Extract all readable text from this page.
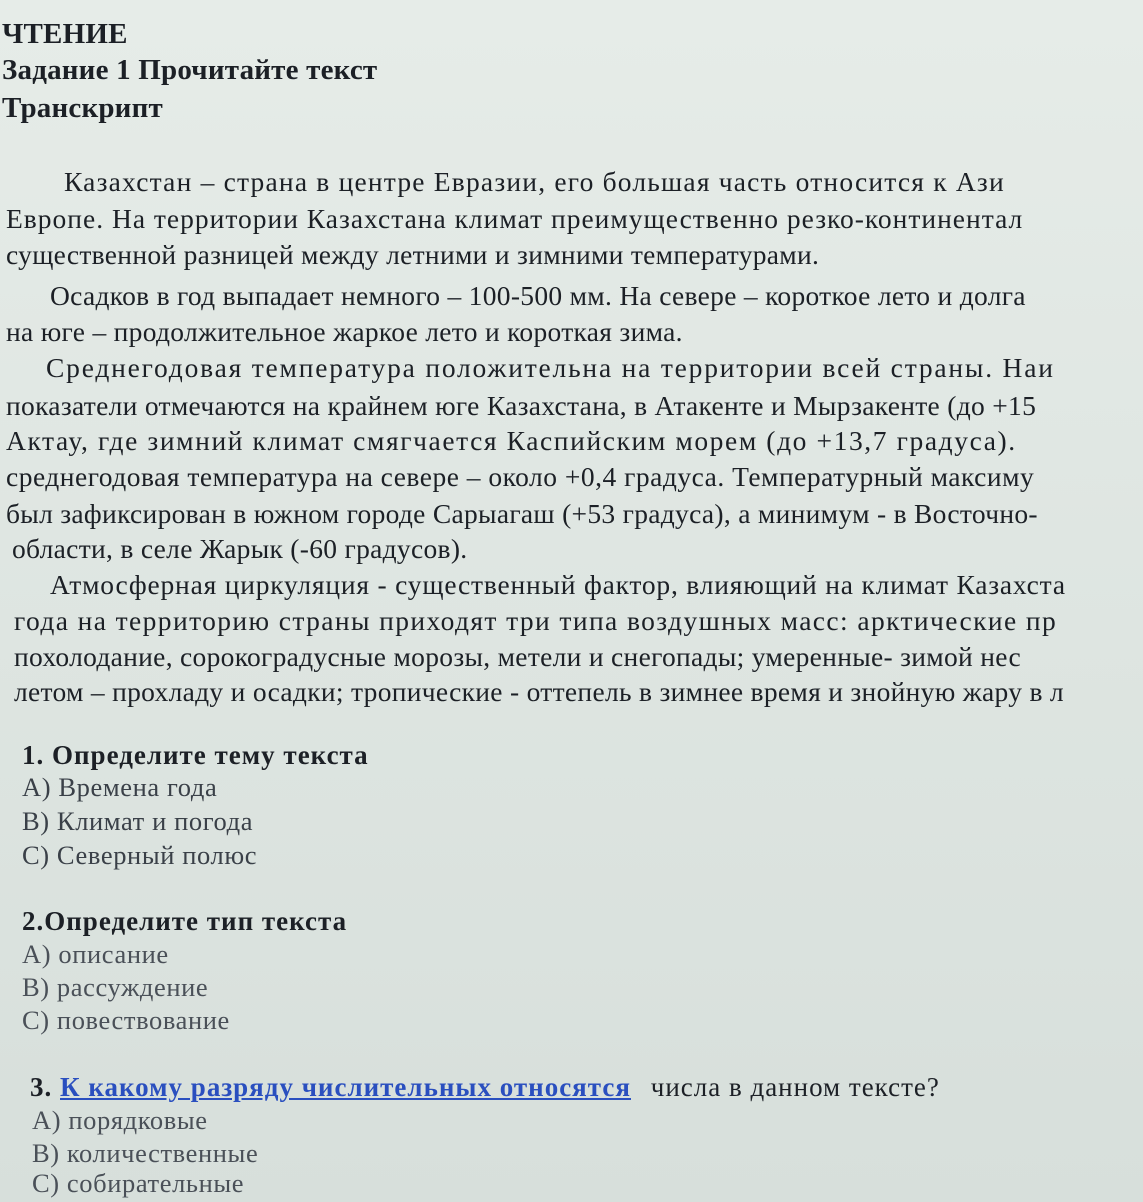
ЧТЕНИЕ
Задание 1 Прочитайте текст
Транскрипт
Казахстан – страна в центре Евразии, его большая часть относится к Ази
Европе. На территории Казахстана климат преимущественно резко-континентал
существенной разницей между летними и зимними температурами.
Осадков в год выпадает немного – 100-500 мм. На севере – короткое лето и долга
на юге – продолжительное жаркое лето и короткая зима.
Среднегодовая температура положительна на территории всей страны. Наи
показатели отмечаются на крайнем юге Казахстана, в Атакенте и Мырзакенте (до +15
Актау, где зимний климат смягчается Каспийским морем (до +13,7 градуса).
среднегодовая температура на севере – около +0,4 градуса. Температурный максиму
был зафиксирован в южном городе Сарыагаш (+53 градуса), а минимум - в Восточно-
области, в селе Жарык (-60 градусов).
Атмосферная циркуляция - существенный фактор, влияющий на климат Казахста
года на территорию страны приходят три типа воздушных масс: арктические пр
похолодание, сорокоградусные морозы, метели и снегопады; умеренные- зимой нес
летом – прохладу и осадки; тропические - оттепель в зимнее время и знойную жару в л
1. Определите тему текста
А) Времена года
В) Климат и погода
С) Северный полюс
2.Определите тип текста
А) описание
В) рассуждение
С) повествование
3. К какому разряду числительных относятся числа в данном тексте?
А) порядковые
В) количественные
С) собирательные
